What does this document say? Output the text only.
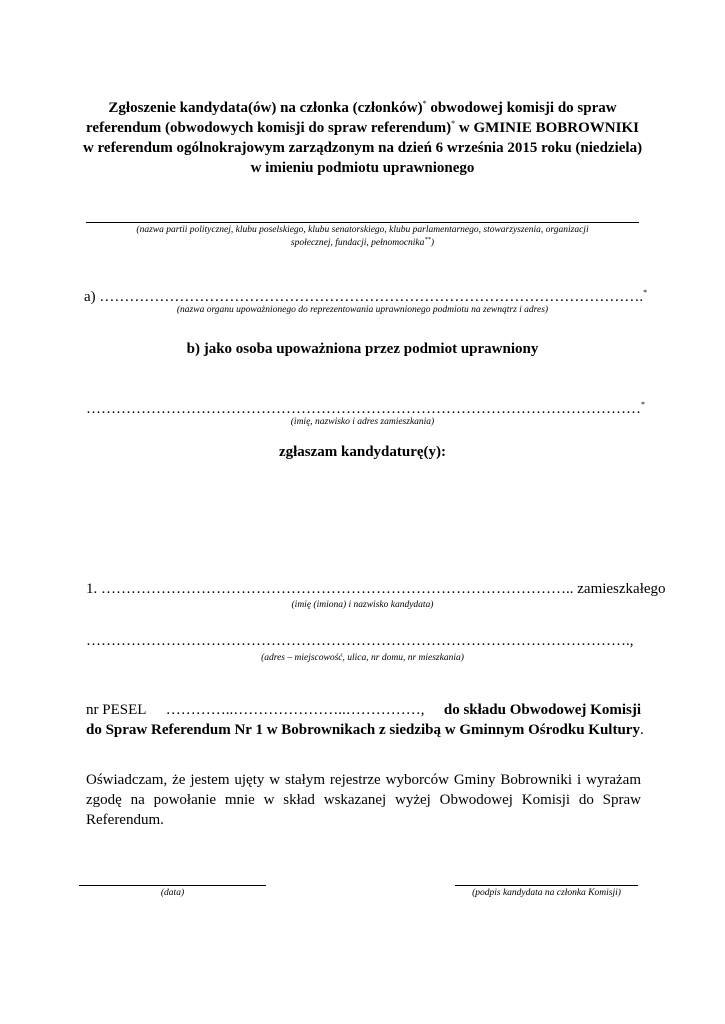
Zgłoszenie kandydata(ów) na członka (członków)* obwodowej komisji do spraw
referendum (obwodowych komisji do spraw referendum)* w GMINIE BOBROWNIKI
w referendum ogólnokrajowym zarządzonym na dzień 6 września 2015 roku (niedziela)
w imieniu podmiotu uprawnionego
(nazwa partii politycznej, klubu poselskiego, klubu senatorskiego, klubu parlamentarnego, stowarzyszenia, organizacji
społecznej, fundacji, pełnomocnika**)
a) ……………………………………………………………………………………………….*
(nazwa organu upoważnionego do reprezentowania uprawnionego podmiotu na zewnątrz i adres)
b) jako osoba upoważniona przez podmiot uprawniony
…………………………………………………………………………………………………*
(imię, nazwisko i adres zamieszkania)
zgłaszam kandydaturę(y):
1. ………………………………………………………………………………….. zamieszkałego
(imię (imiona) i nazwisko kandydata)
……………………………………………………………………………………………….,
(adres – miejscowość, ulica, nr domu, nr mieszkania)
nr PESEL …………..…………………..……………, do składu Obwodowej Komisji
do Spraw Referendum Nr 1 w Bobrownikach z siedzibą w Gminnym Ośrodku Kultury.
Oświadczam, że jestem ujęty w stałym rejestrze wyborców Gminy Bobrowniki i wyrażam zgodę na powołanie mnie w skład wskazanej wyżej Obwodowej Komisji do Spraw Referendum.
(data)	(podpis kandydata na członka Komisji)
